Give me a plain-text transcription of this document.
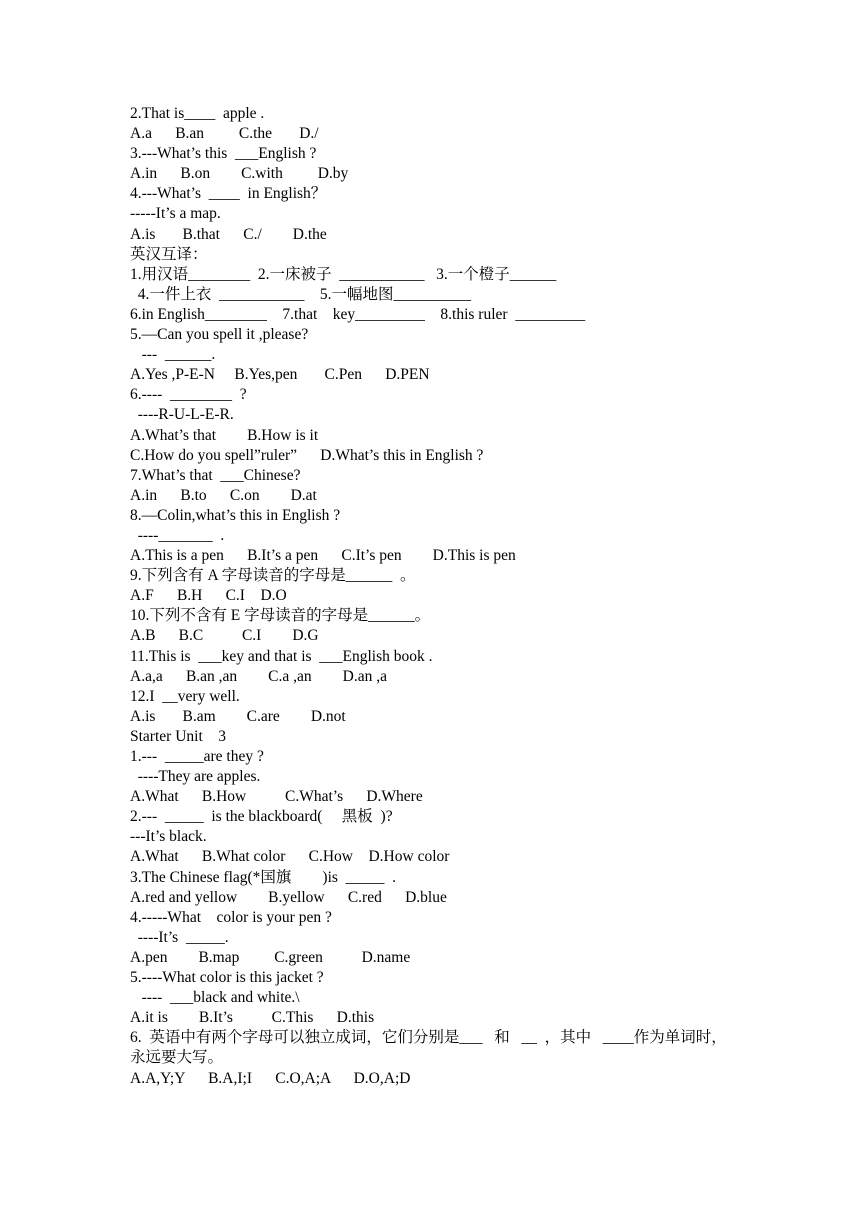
2.That is____  apple .
A.a      B.an         C.the       D./
3.---What’s this  ___English ?
A.in      B.on        C.with         D.by
4.---What’s  ____  in English？
-----It’s a map.
A.is       B.that      C./        D.the
英汉互译：
1.用汉语________  2.一床被子  ___________   3.一个橙子______
4.一件上衣  ___________    5.一幅地图__________
6.in English________    7.that    key_________    8.this ruler  _________
5.—Can you spell it ,please?
---  ______.
A.Yes ,P-E-N     B.Yes,pen       C.Pen      D.PEN
6.----  ________  ?
----R-U-L-E-R.
A.What’s that        B.How is it
C.How do you spell”ruler”      D.What’s this in English ?
7.What’s that  ___Chinese?
A.in      B.to      C.on        D.at
8.—Colin,what’s this in English ?
----_______  .
A.This is a pen      B.It’s a pen      C.It’s pen        D.This is pen
9.下列含有 A 字母读音的字母是______  。
A.F      B.H      C.I    D.O
10.下列不含有 E 字母读音的字母是______。
A.B      B.C          C.I        D.G
11.This is  ___key and that is  ___English book .
A.a,a      B.an ,an        C.a ,an        D.an ,a
12.I  __very well.
A.is       B.am        C.are        D.not
Starter Unit    3
1.---  _____are they ?
----They are apples.
A.What      B.How          C.What’s      D.Where
2.---  _____  is the blackboard(     黑板  )?
---It’s black.
A.What      B.What color      C.How    D.How color
3.The Chinese flag(*国旗        )is  _____  .
A.red and yellow        B.yellow      C.red      D.blue
4.-----What    color is your pen ?
----It’s  _____.
A.pen        B.map         C.green          D.name
5.----What color is this jacket ?
----  ___black and white.\
A.it is        B.It’s          C.This      D.this
6.  英语中有两个字母可以独立成词，它们分别是___   和   __  ，其中   ____作为单词时，永远要大写。
A.A,Y;Y      B.A,I;I      C.O,A;A      D.O,A;D
